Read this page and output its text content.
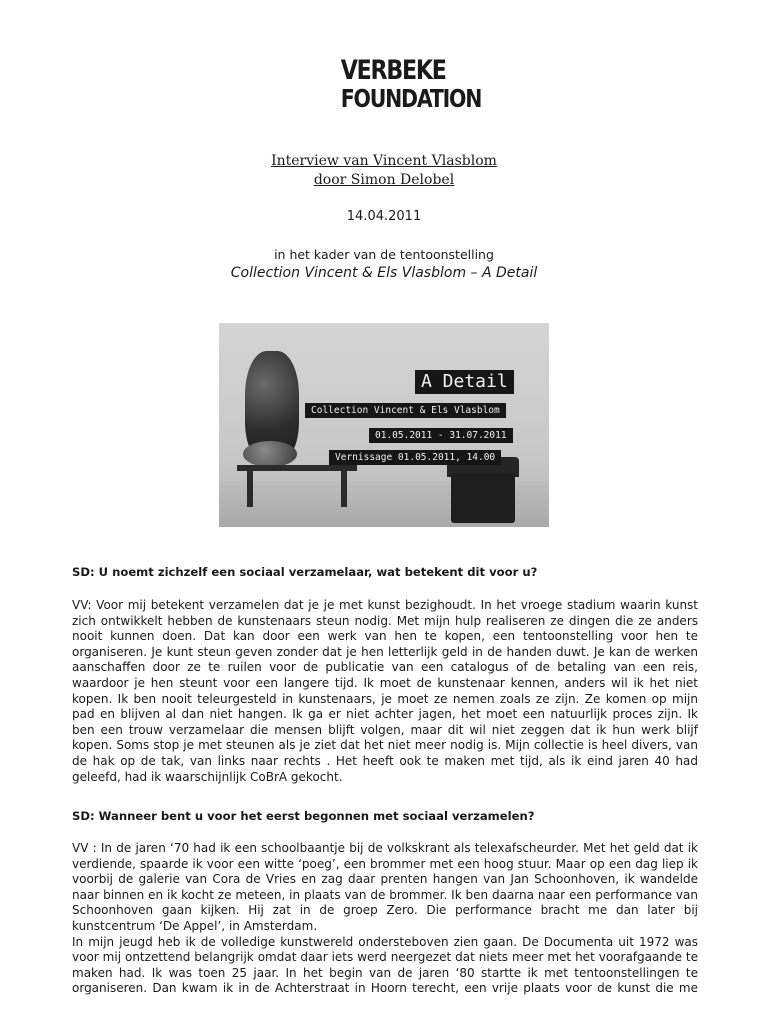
VERBEKE
FOUNDATION
Interview van Vincent Vlasblom
door Simon Delobel
14.04.2011
in het kader van de tentoonstelling
Collection Vincent & Els Vlasblom – A Detail
A Detail
Collection Vincent & Els Vlasblom
01.05.2011 - 31.07.2011
Vernissage 01.05.2011, 14.00
SD: U noemt zichzelf een sociaal verzamelaar, wat betekent dit voor u?
VV: Voor mij betekent verzamelen dat je je met kunst bezighoudt. In het vroege stadium waarin kunst
zich ontwikkelt hebben de kunstenaars steun nodig. Met mijn hulp realiseren ze dingen die ze anders
nooit kunnen doen. Dat kan door een werk van hen te kopen, een tentoonstelling voor hen te
organiseren. Je kunt steun geven zonder dat je hen letterlijk geld in de handen duwt. Je kan de werken
aanschaffen door ze te ruilen voor de publicatie van een catalogus of de betaling van een reis,
waardoor je hen steunt voor een langere tijd. Ik moet de kunstenaar kennen, anders wil ik het niet
kopen. Ik ben nooit teleurgesteld in kunstenaars, je moet ze nemen zoals ze zijn. Ze komen op mijn
pad en blijven al dan niet hangen. Ik ga er niet achter jagen, het moet een natuurlijk proces zijn. Ik
ben een trouw verzamelaar die mensen blijft volgen, maar dit wil niet zeggen dat ik hun werk blijf
kopen. Soms stop je met steunen als je ziet dat het niet meer nodig is. Mijn collectie is heel divers, van
de hak op de tak, van links naar rechts . Het heeft ook te maken met tijd, als ik eind jaren 40 had
geleefd, had ik waarschijnlijk CoBrA gekocht.
SD: Wanneer bent u voor het eerst begonnen met sociaal verzamelen?
VV : In de jaren ‘70 had ik een schoolbaantje bij de volkskrant als telexafscheurder. Met het geld dat ik
verdiende, spaarde ik voor een witte ‘poeg’, een brommer met een hoog stuur. Maar op een dag liep ik
voorbij de galerie van Cora de Vries en zag daar prenten hangen van Jan Schoonhoven, ik wandelde
naar binnen en ik kocht ze meteen, in plaats van de brommer. Ik ben daarna naar een performance van
Schoonhoven gaan kijken. Hij zat in de groep Zero. Die performance bracht me dan later bij
kunstcentrum ‘De Appel’, in Amsterdam.
In mijn jeugd heb ik de volledige kunstwereld ondersteboven zien gaan. De Documenta uit 1972 was
voor mij ontzettend belangrijk omdat daar iets werd neergezet dat niets meer met het voorafgaande te
maken had. Ik was toen 25 jaar. In het begin van de jaren ‘80 startte ik met tentoonstellingen te
organiseren. Dan kwam ik in de Achterstraat in Hoorn terecht, een vrije plaats voor de kunst die me
